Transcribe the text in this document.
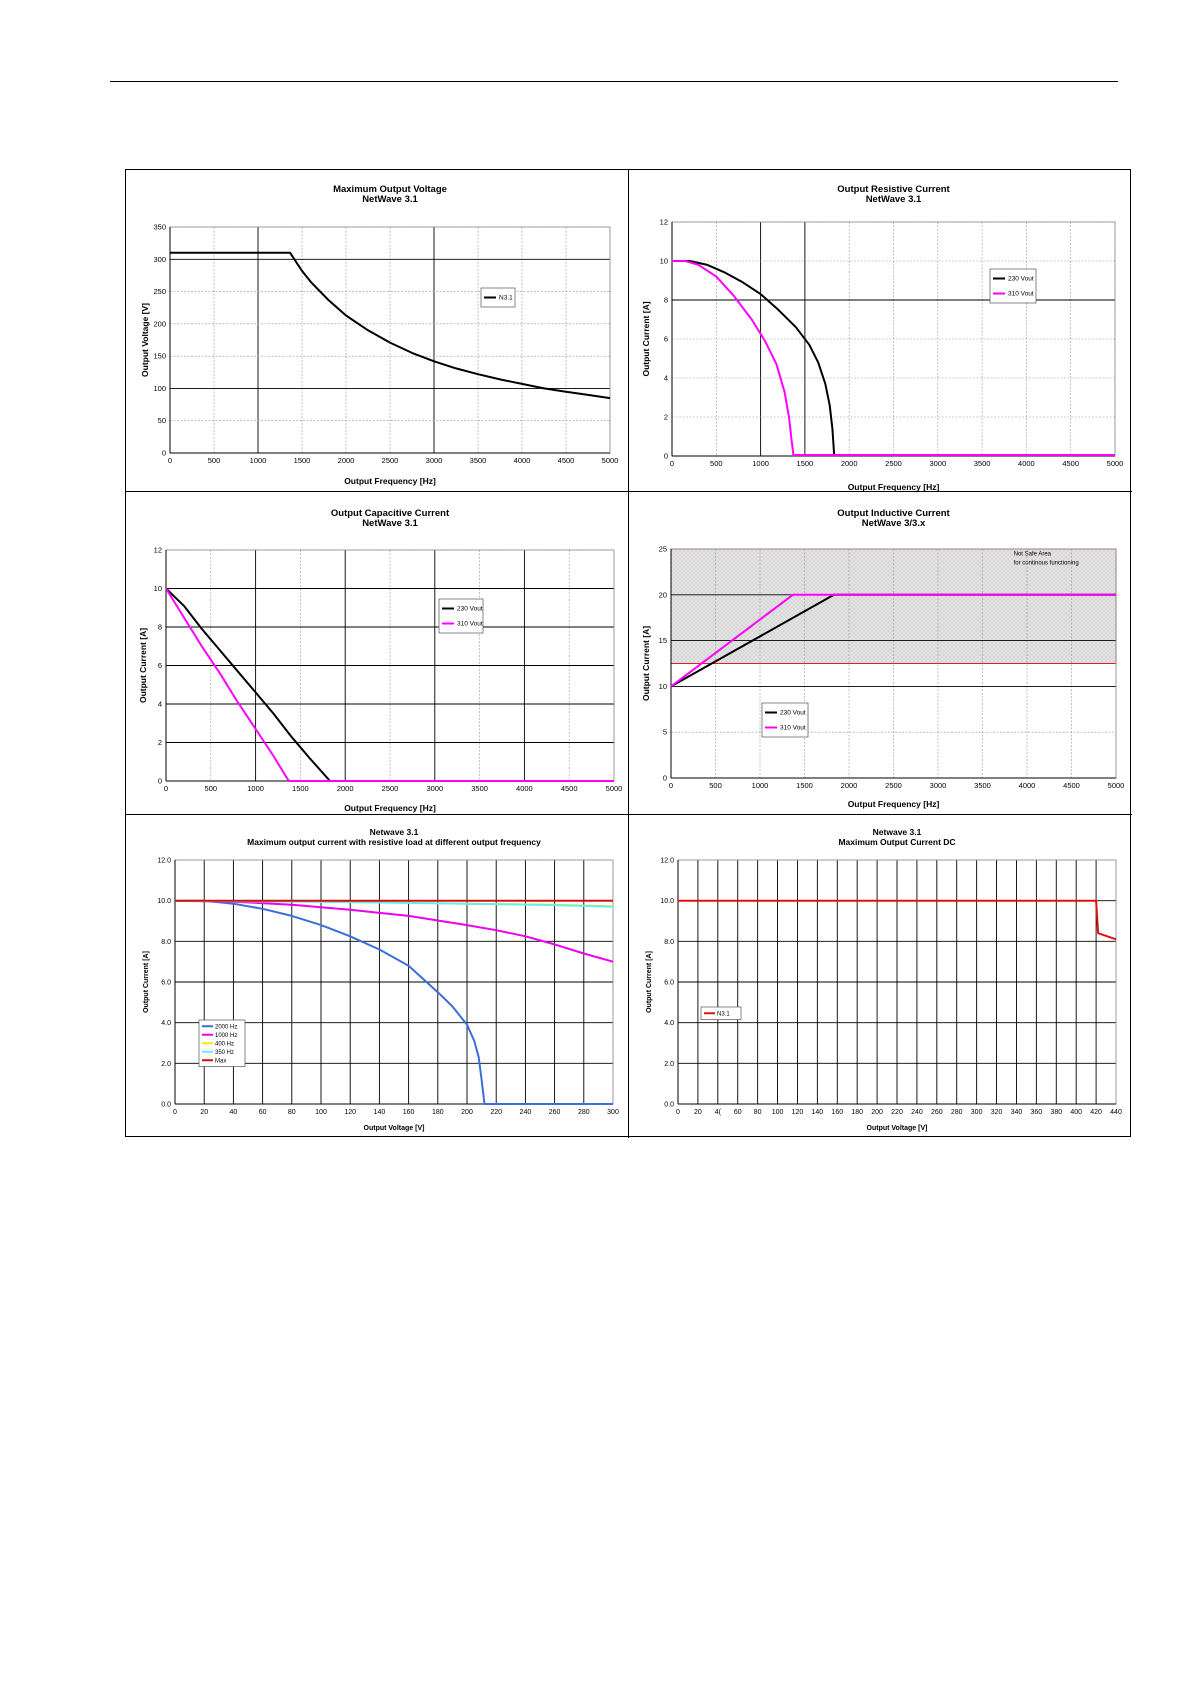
Maximum Output Voltage
NetWave 3.1
0	500	1000	1500	2000	2500	3000	3500	4000	4500	5000
0
50
100
150
200
250
300
350
Output Frequency [Hz]
Output Voltage [V]
N3.1
Output Resistive Current
NetWave 3.1
0	500	1000	1500	2000	2500	3000	3500	4000	4500	5000
0
2
4
6
8
10
12
Output Frequency [Hz]
Output Current [A]
230 Vout
310 Vout
Output Capacitive Current
NetWave 3.1
0	500	1000	1500	2000	2500	3000	3500	4000	4500	5000
0
2
4
6
8
10
12
Output Frequency [Hz]
Output Current [A]
230 Vout
310 Vout
Output Inductive Current
NetWave 3/3.x
Not Safe Area
for continous functioning
0	500	1000	1500	2000	2500	3000	3500	4000	4500	5000
0
5
10
15
20
25
Output Frequency [Hz]
Output Current [A]
230 Vout
310 Vout
Netwave 3.1
Maximum output current with resistive load at different output frequency
0	20	40	60	80	100	120	140	160	180	200	220	240	260	280	300
0.0
2.0
4.0
6.0
8.0
10.0
12.0
Output Voltage [V]
Output Current [A]
2000 Hz
1000 Hz
400 Hz
350 Hz
Max
Netwave 3.1
Maximum Output Current DC
0 20 4( 60 80 100 120 140 160 180 200 220 240 260 280 300 320 340 360 380 400 420 440
0.0
2.0
4.0
6.0
8.0
10.0
12.0
Output Voltage [V]
Output Current [A]
N3.1
